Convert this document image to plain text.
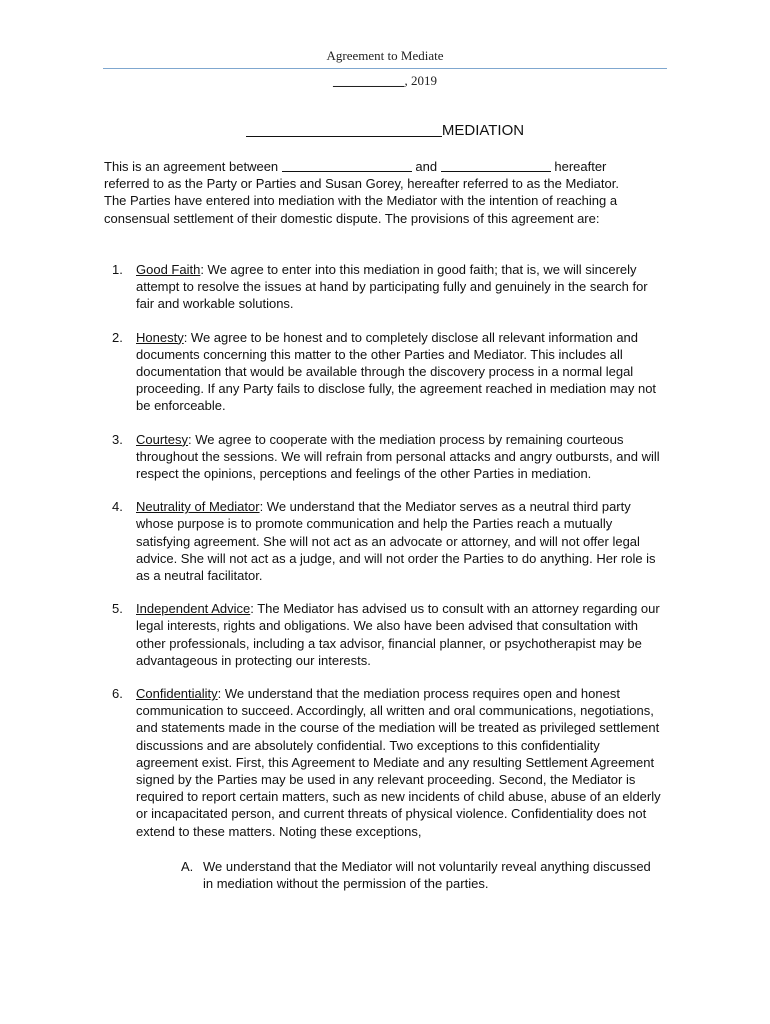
Agreement to Mediate
___________, 2019
MEDIATION

This is an agreement between	and	hereafter referred to as the Party or Parties and Susan Gorey, hereafter referred to as the Mediator. The Parties have entered into mediation with the Mediator with the intention of reaching a consensual settlement of their domestic dispute. The provisions of this agreement are:

1. Good Faith: We agree to enter into this mediation in good faith; that is, we will sincerely attempt to resolve the issues at hand by participating fully and genuinely in the search for fair and workable solutions.
2. Honesty: We agree to be honest and to completely disclose all relevant information and documents concerning this matter to the other Parties and Mediator. This includes all documentation that would be available through the discovery process in a normal legal proceeding. If any Party fails to disclose fully, the agreement reached in mediation may not be enforceable.
3. Courtesy: We agree to cooperate with the mediation process by remaining courteous throughout the sessions. We will refrain from personal attacks and angry outbursts, and will respect the opinions, perceptions and feelings of the other Parties in mediation.
4. Neutrality of Mediator: We understand that the Mediator serves as a neutral third party whose purpose is to promote communication and help the Parties reach a mutually satisfying agreement. She will not act as an advocate or attorney, and will not offer legal advice. She will not act as a judge, and will not order the Parties to do anything. Her role is as a neutral facilitator.
5. Independent Advice: The Mediator has advised us to consult with an attorney regarding our legal interests, rights and obligations. We also have been advised that consultation with other professionals, including a tax advisor, financial planner, or psychotherapist may be advantageous in protecting our interests.
6. Confidentiality: We understand that the mediation process requires open and honest communication to succeed. Accordingly, all written and oral communications, negotiations, and statements made in the course of the mediation will be treated as privileged settlement discussions and are absolutely confidential. Two exceptions to this confidentiality agreement exist. First, this Agreement to Mediate and any resulting Settlement Agreement signed by the Parties may be used in any relevant proceeding. Second, the Mediator is required to report certain matters, such as new incidents of child abuse, abuse of an elderly or incapacitated person, and current threats of physical violence. Confidentiality does not extend to these matters. Noting these exceptions,
A. We understand that the Mediator will not voluntarily reveal anything discussed in mediation without the permission of the parties.
